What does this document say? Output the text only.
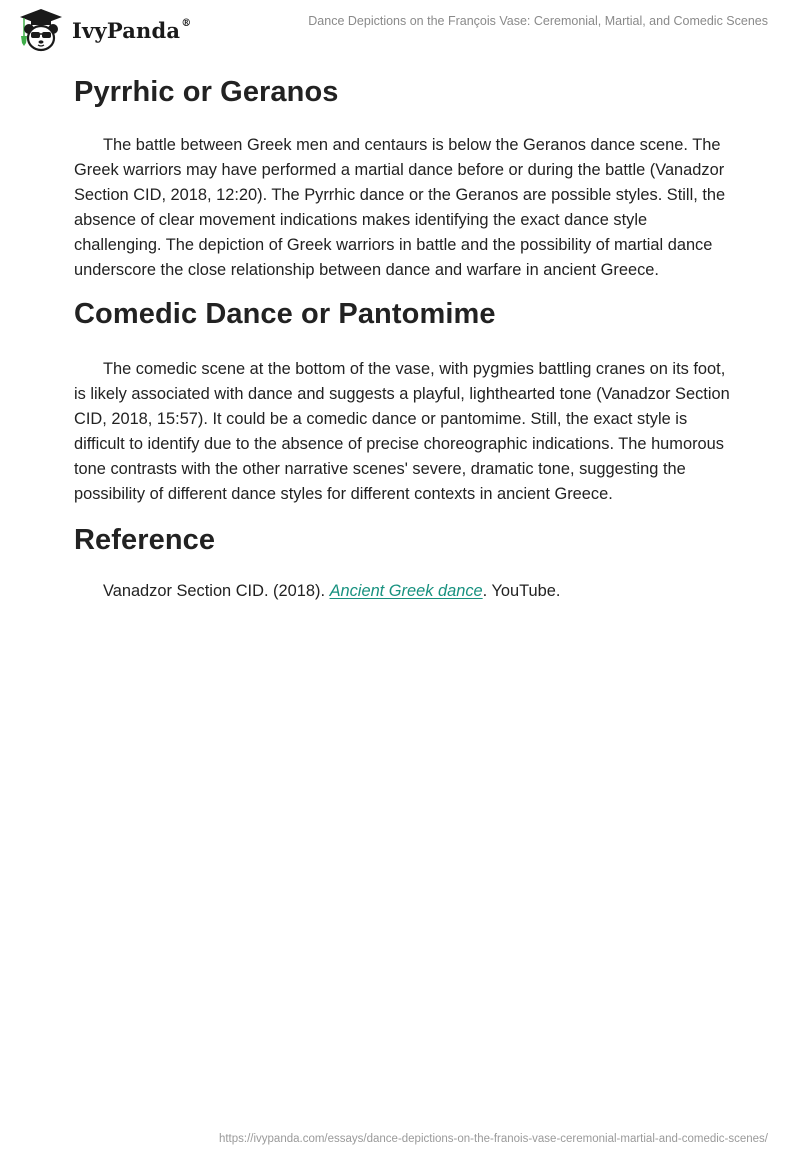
IvyPanda®	Dance Depictions on the François Vase: Ceremonial, Martial, and Comedic Scenes
Pyrrhic or Geranos

The battle between Greek men and centaurs is below the Geranos dance scene. The Greek warriors may have performed a martial dance before or during the battle (Vanadzor Section CID, 2018, 12:20). The Pyrrhic dance or the Geranos are possible styles. Still, the absence of clear movement indications makes identifying the exact dance style challenging. The depiction of Greek warriors in battle and the possibility of martial dance underscore the close relationship between dance and warfare in ancient Greece.

Comedic Dance or Pantomime

The comedic scene at the bottom of the vase, with pygmies battling cranes on its foot, is likely associated with dance and suggests a playful, lighthearted tone (Vanadzor Section CID, 2018, 15:57). It could be a comedic dance or pantomime. Still, the exact style is difficult to identify due to the absence of precise choreographic indications. The humorous tone contrasts with the other narrative scenes' severe, dramatic tone, suggesting the possibility of different dance styles for different contexts in ancient Greece.

Reference

Vanadzor Section CID. (2018). Ancient Greek dance. YouTube.

https://ivypanda.com/essays/dance-depictions-on-the-franois-vase-ceremonial-martial-and-comedic-scenes/
